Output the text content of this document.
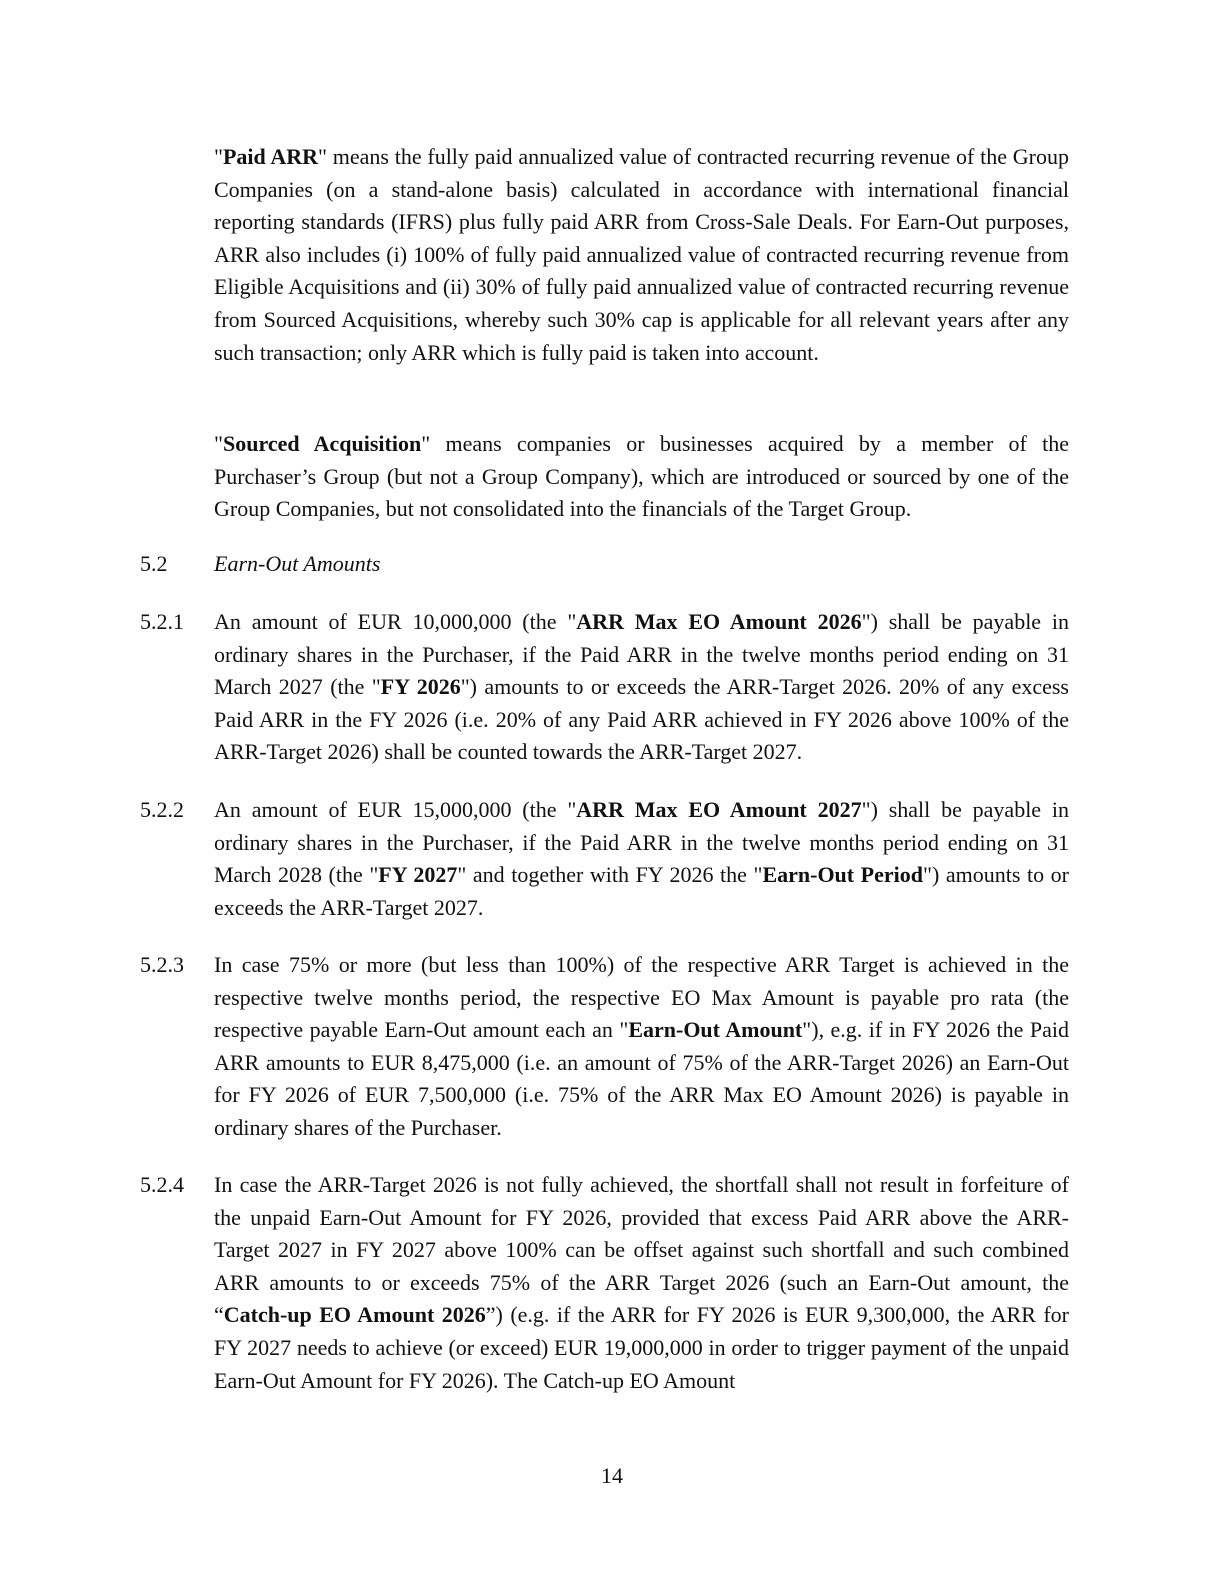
"Paid ARR" means the fully paid annualized value of contracted recurring revenue of the Group Companies (on a stand-alone basis) calculated in accordance with international financial reporting standards (IFRS) plus fully paid ARR from Cross-Sale Deals. For Earn-Out purposes, ARR also includes (i) 100% of fully paid annualized value of contracted recurring revenue from Eligible Acquisitions and (ii) 30% of fully paid annualized value of contracted recurring revenue from Sourced Acquisitions, whereby such 30% cap is applicable for all relevant years after any such transaction; only ARR which is fully paid is taken into account.

"Sourced Acquisition" means companies or businesses acquired by a member of the Purchaser’s Group (but not a Group Company), which are introduced or sourced by one of the Group Companies, but not consolidated into the financials of the Target Group.

5.2 Earn-Out Amounts

5.2.1 An amount of EUR 10,000,000 (the "ARR Max EO Amount 2026") shall be payable in ordinary shares in the Purchaser, if the Paid ARR in the twelve months period ending on 31 March 2027 (the "FY 2026") amounts to or exceeds the ARR-Target 2026. 20% of any excess Paid ARR in the FY 2026 (i.e. 20% of any Paid ARR achieved in FY 2026 above 100% of the ARR-Target 2026) shall be counted towards the ARR-Target 2027.

5.2.2 An amount of EUR 15,000,000 (the "ARR Max EO Amount 2027") shall be payable in ordinary shares in the Purchaser, if the Paid ARR in the twelve months period ending on 31 March 2028 (the "FY 2027" and together with FY 2026 the "Earn-Out Period") amounts to or exceeds the ARR-Target 2027.

5.2.3 In case 75% or more (but less than 100%) of the respective ARR Target is achieved in the respective twelve months period, the respective EO Max Amount is payable pro rata (the respective payable Earn-Out amount each an "Earn-Out Amount"), e.g. if in FY 2026 the Paid ARR amounts to EUR 8,475,000 (i.e. an amount of 75% of the ARR-Target 2026) an Earn-Out for FY 2026 of EUR 7,500,000 (i.e. 75% of the ARR Max EO Amount 2026) is payable in ordinary shares of the Purchaser.

5.2.4 In case the ARR-Target 2026 is not fully achieved, the shortfall shall not result in forfeiture of the unpaid Earn-Out Amount for FY 2026, provided that excess Paid ARR above the ARR-Target 2027 in FY 2027 above 100% can be offset against such shortfall and such combined ARR amounts to or exceeds 75% of the ARR Target 2026 (such an Earn-Out amount, the “Catch-up EO Amount 2026”) (e.g. if the ARR for FY 2026 is EUR 9,300,000, the ARR for FY 2027 needs to achieve (or exceed) EUR 19,000,000 in order to trigger payment of the unpaid Earn-Out Amount for FY 2026). The Catch-up EO Amount

14
